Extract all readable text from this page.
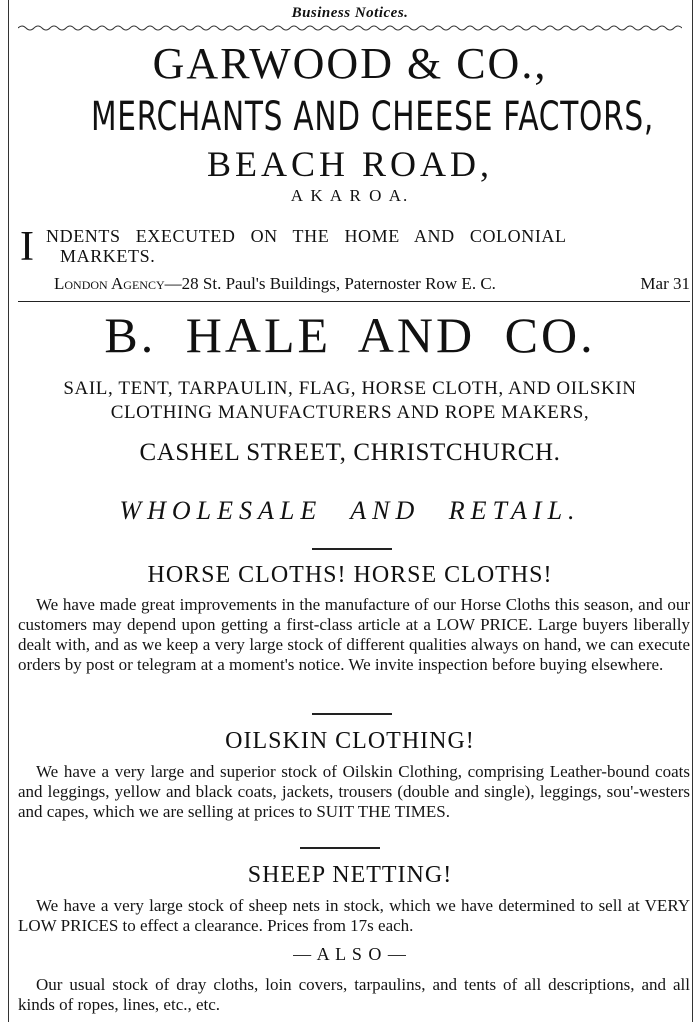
Business Notices.
GARWOOD & CO.,
MERCHANTS AND CHEESE FACTORS,
BEACH ROAD,
A K A R O A.
I NDENTS EXECUTED ON THE HOME AND COLONIAL
MARKETS.
London Agency—28 St. Paul's Buildings, Paternoster Row E. C.	Mar 31
B. HALE AND CO.
SAIL, TENT, TARPAULIN, FLAG, HORSE CLOTH, AND OILSKIN
CLOTHING MANUFACTURERS AND ROPE MAKERS,
CASHEL STREET, CHRISTCHURCH.
WHOLESALE AND RETAIL.
HORSE CLOTHS! HORSE CLOTHS!
We have made great improvements in the manufacture of our Horse Cloths this season, and our customers may depend upon getting a first-class article at a LOW PRICE. Large buyers liberally dealt with, and as we keep a very large stock of different qualities always on hand, we can execute orders by post or telegram at a moment's notice. We invite inspection before buying elsewhere.
OILSKIN CLOTHING!
We have a very large and superior stock of Oilskin Clothing, comprising Leather-bound coats and leggings, yellow and black coats, jackets, trousers (double and single), leggings, sou'-westers and capes, which we are selling at prices to SUIT THE TIMES.
SHEEP NETTING!
We have a very large stock of sheep nets in stock, which we have determined to sell at VERY LOW PRICES to effect a clearance. Prices from 17s each.
— A L S O —
Our usual stock of dray cloths, loin covers, tarpaulins, and tents of all descriptions, and all kinds of ropes, lines, etc., etc.
